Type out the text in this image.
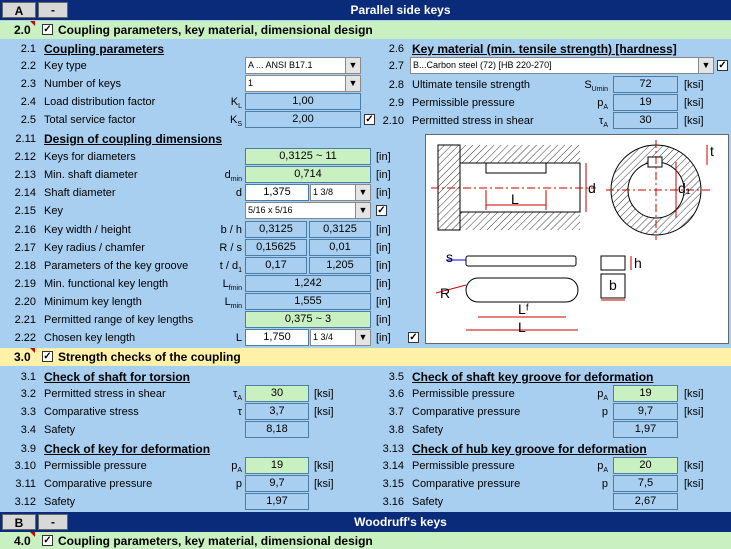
A	-	Parallel side keys
2.0 ✓ Coupling parameters, key material, dimensional design
2.1 Coupling parameters
2.2 Key type	A ... ANSI B17.1	▼
2.3 Number of keys	1	▼
2.4 Load distribution factor	$K_L$	1,00
2.5 Total service factor	$K_S$	2,00	✓
2.11 Design of coupling dimensions
2.12 Keys for diameters	0,3125 ~ 11	[in]
2.13 Min. shaft diameter	$d_{min}$	0,714	[in]
2.14 Shaft diameter	d	1,375	1 3/8	▼ [in]
2.15 Key	5/16 x 5/16	▼ ✓
2.16 Key width / height	b / h	0,3125	0,3125	[in]
2.17 Key radius / chamfer	R / s	0,15625	0,01	[in]
2.18 Parameters of the key groove	t / $d_1$	0,17	1,205	[in]
2.19 Min. functional key length	$L_{fmin}$	1,242	[in]
2.20 Minimum key length	$L_{min}$	1,555	[in]
2.21 Permitted range of key lengths	0,375 ~ 3	[in]
2.22 Chosen key length	L	1,750	1 3/4	▼ [in] ✓
2.6 Key material (min. tensile strength) [hardness]
2.7	B...Carbon steel (72) [HB 220-270]	▼ ✓
2.8 Ultimate tensile strength	$S_{Umin}$	72	[ksi]
2.9 Permissible pressure	$p_A$	19	[ksi]
2.10 Permitted stress in shear	$\tau_A$	30	[ksi]
t
d	d₁
L
s	h
b
R
Lᶠ
L
3.0 ✓ Strength checks of the coupling
3.1 Check of shaft for torsion
3.2 Permitted stress in shear	$\tau_A$	30	[ksi]
3.3 Comparative stress	τ	3,7	[ksi]
3.4 Safety	8,18
3.9 Check of key for deformation
3.10 Permissible pressure	$p_A$	19	[ksi]
3.11 Comparative pressure	p	9,7	[ksi]
3.12 Safety	1,97
3.5 Check of shaft key groove for deformation
3.6 Permissible pressure	$p_A$	19	[ksi]
3.7 Comparative pressure	p	9,7	[ksi]
3.8 Safety	1,97
3.13 Check of hub key groove for deformation
3.14 Permissible pressure	$p_A$	20	[ksi]
3.15 Comparative pressure	p	7,5	[ksi]
3.16 Safety	2,67
B	-	Woodruff's keys
4.0 ✓ Coupling parameters, key material, dimensional design
